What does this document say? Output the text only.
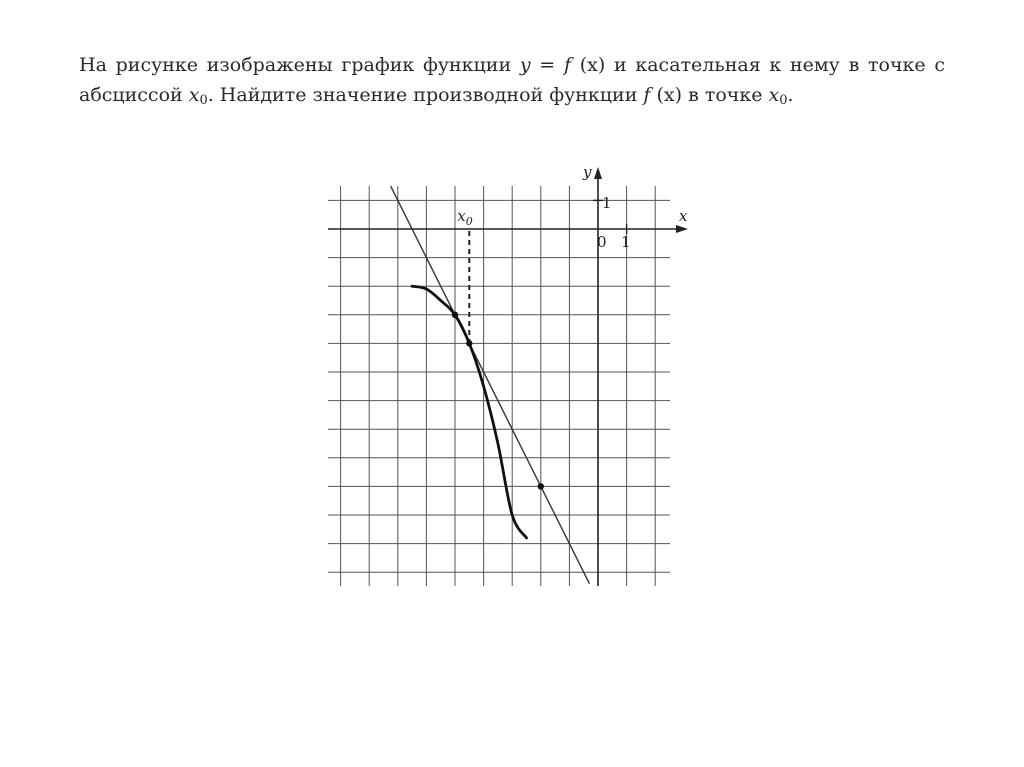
На рисунке изображены график функции y = f (x) и касательная к нему в точке с абсциссой $x_0$. Найдите значение производной функции f (x) в точке $x_0$.
x
y
0 1
1
$x_0$
